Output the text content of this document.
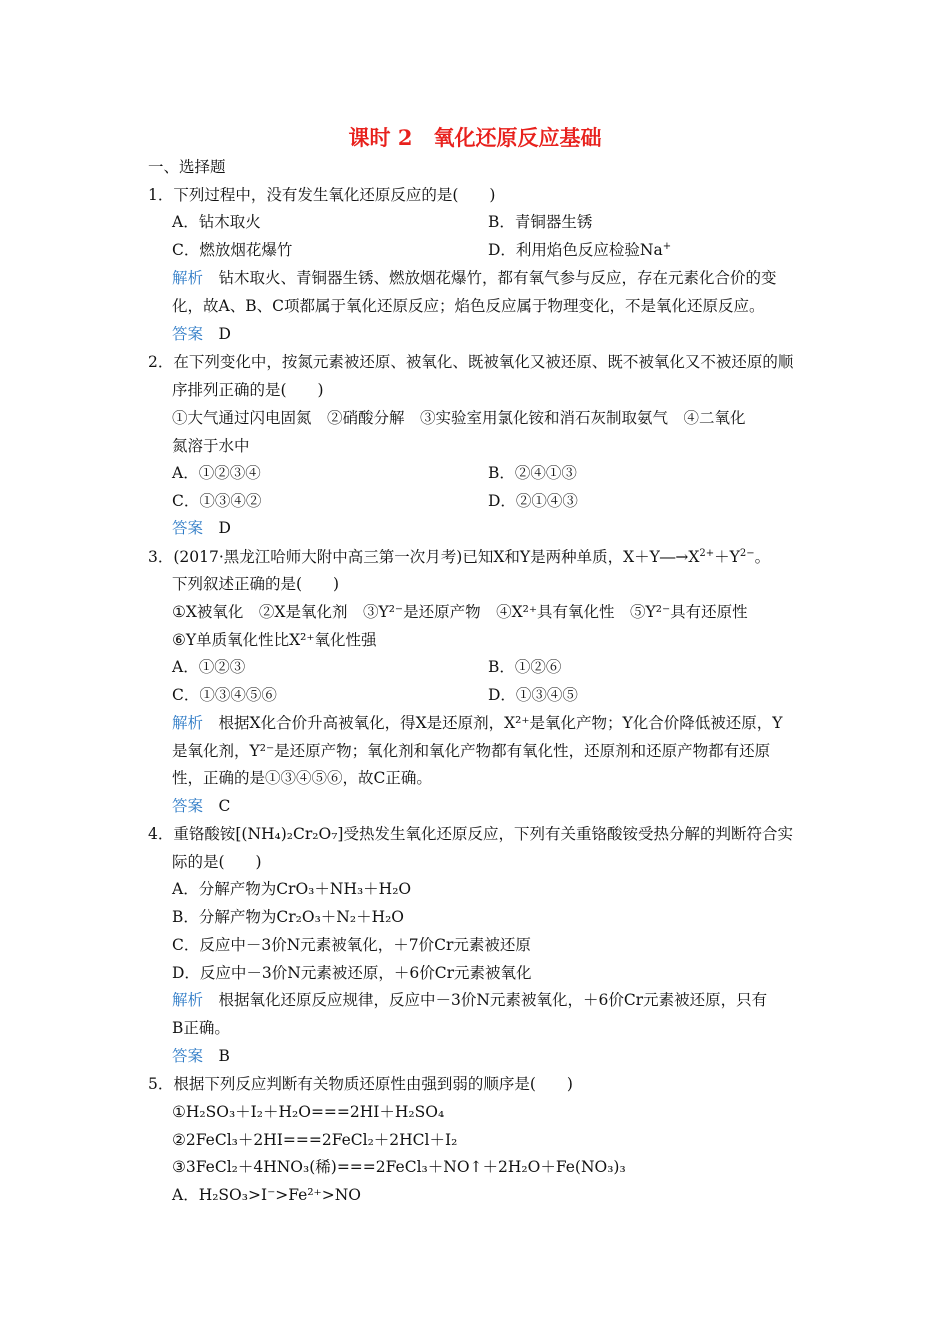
课时 2　氧化还原反应基础
一、选择题
1．下列过程中，没有发生氧化还原反应的是(　　)
A．钻木取火	B．青铜器生锈
C．燃放烟花爆竹	D．利用焰色反应检验Na+
解析　 钻木取火、青铜器生锈、燃放烟花爆竹，都有氧气参与反应，存在元素化合价的变
化，故A、B、C项都属于氧化还原反应；焰色反应属于物理变化，不是氧化还原反应。
答案　 D
2．在下列变化中，按氮元素被还原、被氧化、既被氧化又被还原、既不被氧化又不被还原的顺
序排列正确的是(　　)
①大气通过闪电固氮　②硝酸分解　③实验室用氯化铵和消石灰制取氨气　④二氧化
氮溶于水中
A．①②③④	B．②④①③
C．①③④②	D．②①④③
答案　 D
3．(2017·黑龙江哈师大附中高三第一次月考)已知X和Y是两种单质，$X+Y―\to X^{2+}+Y^{2-}$。
下列叙述正确的是(　　)
①X被氧化　②X是氧化剂　③Y²⁻是还原产物　④X²⁺具有氧化性　⑤Y²⁻具有还原性
⑥Y单质氧化性比X²⁺氧化性强
A．①②③	B．①②⑥
C．①③④⑤⑥	D．①③④⑤
解析　 根据X化合价升高被氧化，得X是还原剂，X²⁺是氧化产物；Y化合价降低被还原，Y
是氧化剂，Y²⁻是还原产物；氧化剂和氧化产物都有氧化性，还原剂和还原产物都有还原
性，正确的是①③④⑤⑥，故C正确。
答案　 C
4．重铬酸铵[(NH₄)₂Cr₂O₇]受热发生氧化还原反应，下列有关重铬酸铵受热分解的判断符合实
际的是(　　)
A．分解产物为CrO₃＋NH₃＋H₂O
B．分解产物为Cr₂O₃＋N₂＋H₂O
C．反应中－3价N元素被氧化，＋7价Cr元素被还原
D．反应中－3价N元素被还原，＋6价Cr元素被氧化
解析　 根据氧化还原反应规律，反应中－3价N元素被氧化，＋6价Cr元素被还原，只有
B正确。
答案　 B
5．根据下列反应判断有关物质还原性由强到弱的顺序是(　　)
①H₂SO₃＋I₂＋H₂O===2HI＋H₂SO₄
②2FeCl₃＋2HI===2FeCl₂＋2HCl＋I₂
③3FeCl₂＋4HNO₃(稀)===2FeCl₃＋NO↑＋2H₂O＋Fe(NO₃)₃
A．H₂SO₃>I⁻>Fe²⁺>NO
